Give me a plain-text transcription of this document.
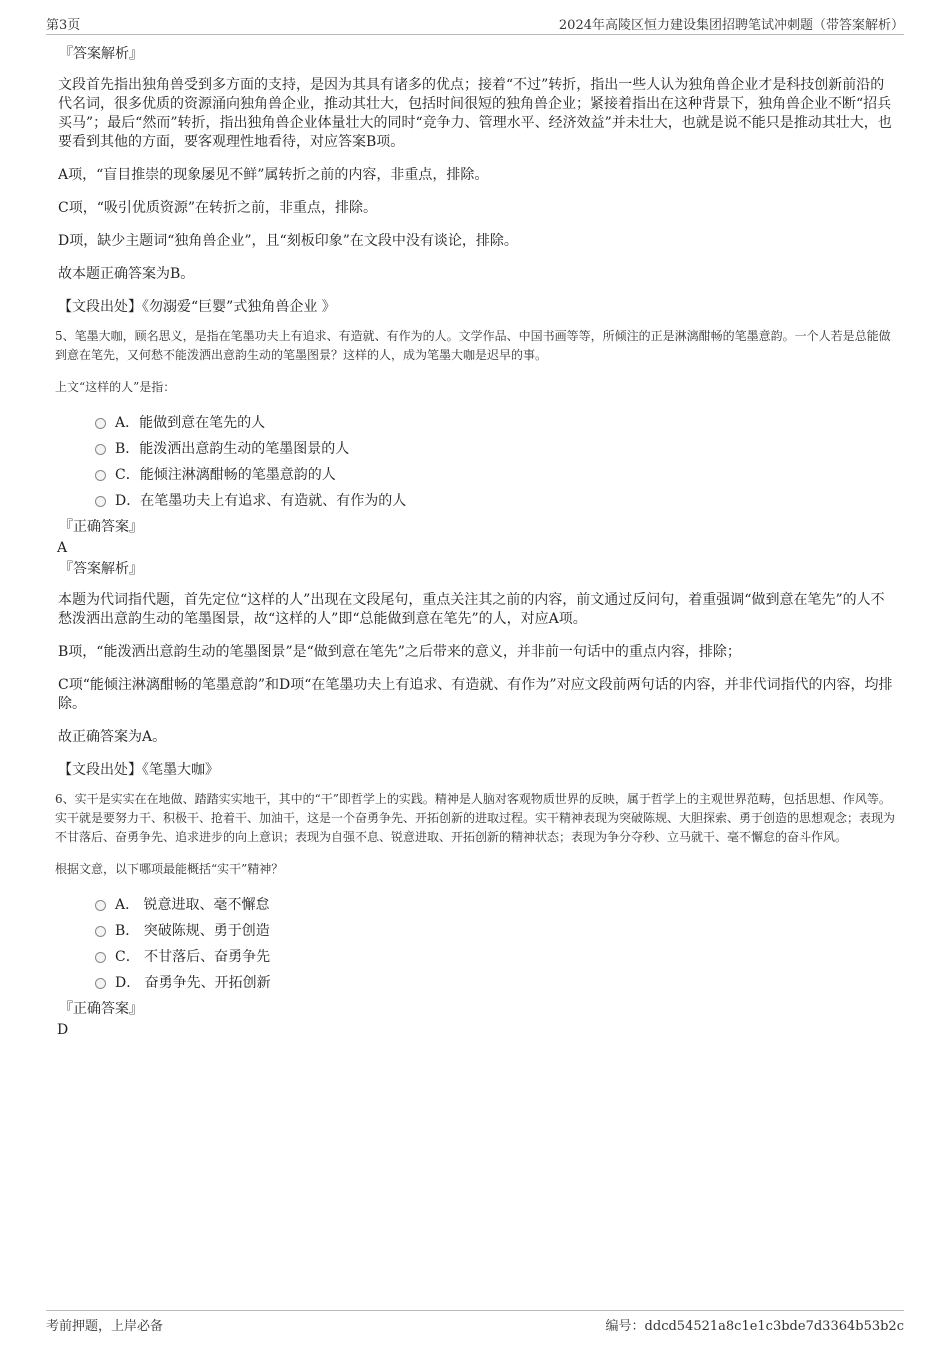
第3页	2024年高陵区恒力建设集团招聘笔试冲刺题（带答案解析）
『答案解析』

文段首先指出独角兽受到多方面的支持，是因为其具有诸多的优点；接着“不过”转折，指出一些人认为独角兽企业才是科技创新前沿的代名词，很多优质的资源涌向独角兽企业，推动其壮大，包括时间很短的独角兽企业；紧接着指出在这种背景下，独角兽企业不断“招兵买马”；最后“然而”转折，指出独角兽企业体量壮大的同时“竞争力、管理水平、经济效益”并未壮大，也就是说不能只是推动其壮大，也要看到其他的方面，要客观理性地看待，对应答案B项。

A项，“盲目推崇的现象屡见不鲜”属转折之前的内容，非重点，排除。

C项，“吸引优质资源”在转折之前，非重点，排除。

D项，缺少主题词“独角兽企业”，且“刻板印象”在文段中没有谈论，排除。

故本题正确答案为B。

【文段出处】《勿溺爱“巨婴”式独角兽企业 》

5、笔墨大咖，顾名思义，是指在笔墨功夫上有追求、有造就、有作为的人。文学作品、中国书画等等，所倾注的正是淋漓酣畅的笔墨意韵。一个人若是总能做到意在笔先，又何愁不能泼洒出意韵生动的笔墨图景？这样的人，成为笔墨大咖是迟早的事。

上文“这样的人”是指：

A．能做到意在笔先的人
B．能泼洒出意韵生动的笔墨图景的人
C．能倾注淋漓酣畅的笔墨意韵的人
D．在笔墨功夫上有追求、有造就、有作为的人
『正确答案』
A
『答案解析』

本题为代词指代题，首先定位“这样的人”出现在文段尾句，重点关注其之前的内容，前文通过反问句，着重强调“做到意在笔先”的人不愁泼洒出意韵生动的笔墨图景，故“这样的人”即“总能做到意在笔先”的人，对应A项。

B项，“能泼洒出意韵生动的笔墨图景”是“做到意在笔先”之后带来的意义，并非前一句话中的重点内容，排除；

C项“能倾注淋漓酣畅的笔墨意韵”和D项“在笔墨功夫上有追求、有造就、有作为”对应文段前两句话的内容，并非代词指代的内容，均排除。

故正确答案为A。

【文段出处】《笔墨大咖》

6、实干是实实在在地做、踏踏实实地干，其中的“干”即哲学上的实践。精神是人脑对客观物质世界的反映，属于哲学上的主观世界范畴，包括思想、作风等。实干就是要努力干、积极干、抢着干、加油干，这是一个奋勇争先、开拓创新的进取过程。实干精神表现为突破陈规、大胆探索、勇于创造的思想观念；表现为不甘落后、奋勇争先、追求进步的向上意识；表现为自强不息、锐意进取、开拓创新的精神状态；表现为争分夺秒、立马就干、毫不懈怠的奋斗作风。

根据文意，以下哪项最能概括“实干”精神？

A． 锐意进取、毫不懈怠
B． 突破陈规、勇于创造
C． 不甘落后、奋勇争先
D． 奋勇争先、开拓创新
『正确答案』
D
考前押题，上岸必备	编号：ddcd54521a8c1e1c3bde7d3364b53b2c
